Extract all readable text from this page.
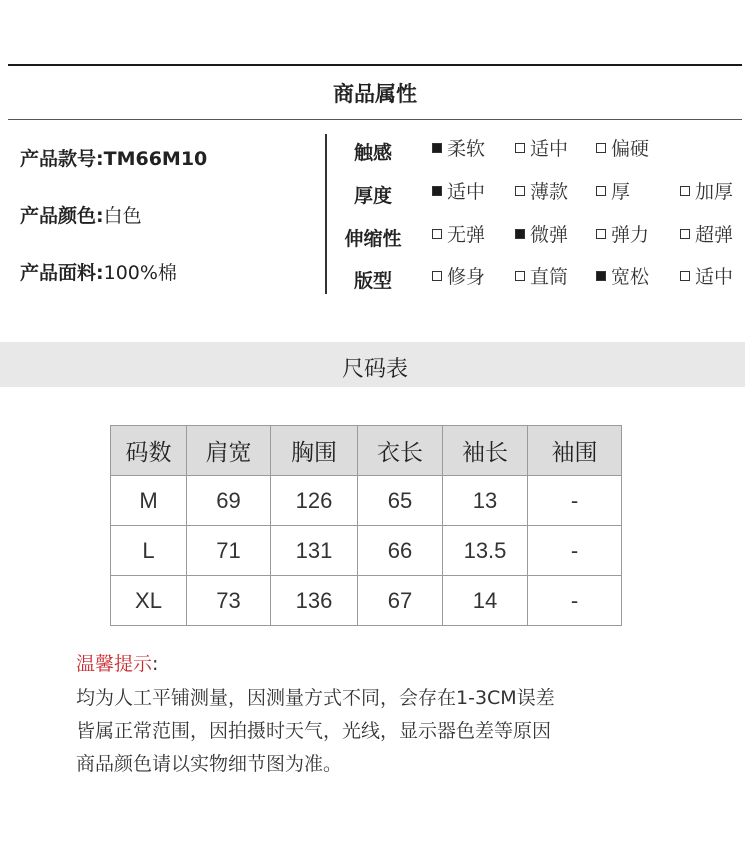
商品属性
产品款号:TM66M10
产品颜色:白色
产品面料:100%棉
触感	柔软 适中 偏硬
厚度	适中 薄款 厚	加厚
伸缩性	无弹 微弹 弹力 超弹
版型	修身 直筒 宽松 适中
尺码表
码数	肩宽	胸围	衣长	袖长	袖围
M	69	126	65	13	-
L	71	131	66	13.5	-
XL	73	136	67	14	-
温馨提示:
均为人工平铺测量，因测量方式不同，会存在1-3CM误差
皆属正常范围，因拍摄时天气，光线，显示器色差等原因
商品颜色请以实物细节图为准。
